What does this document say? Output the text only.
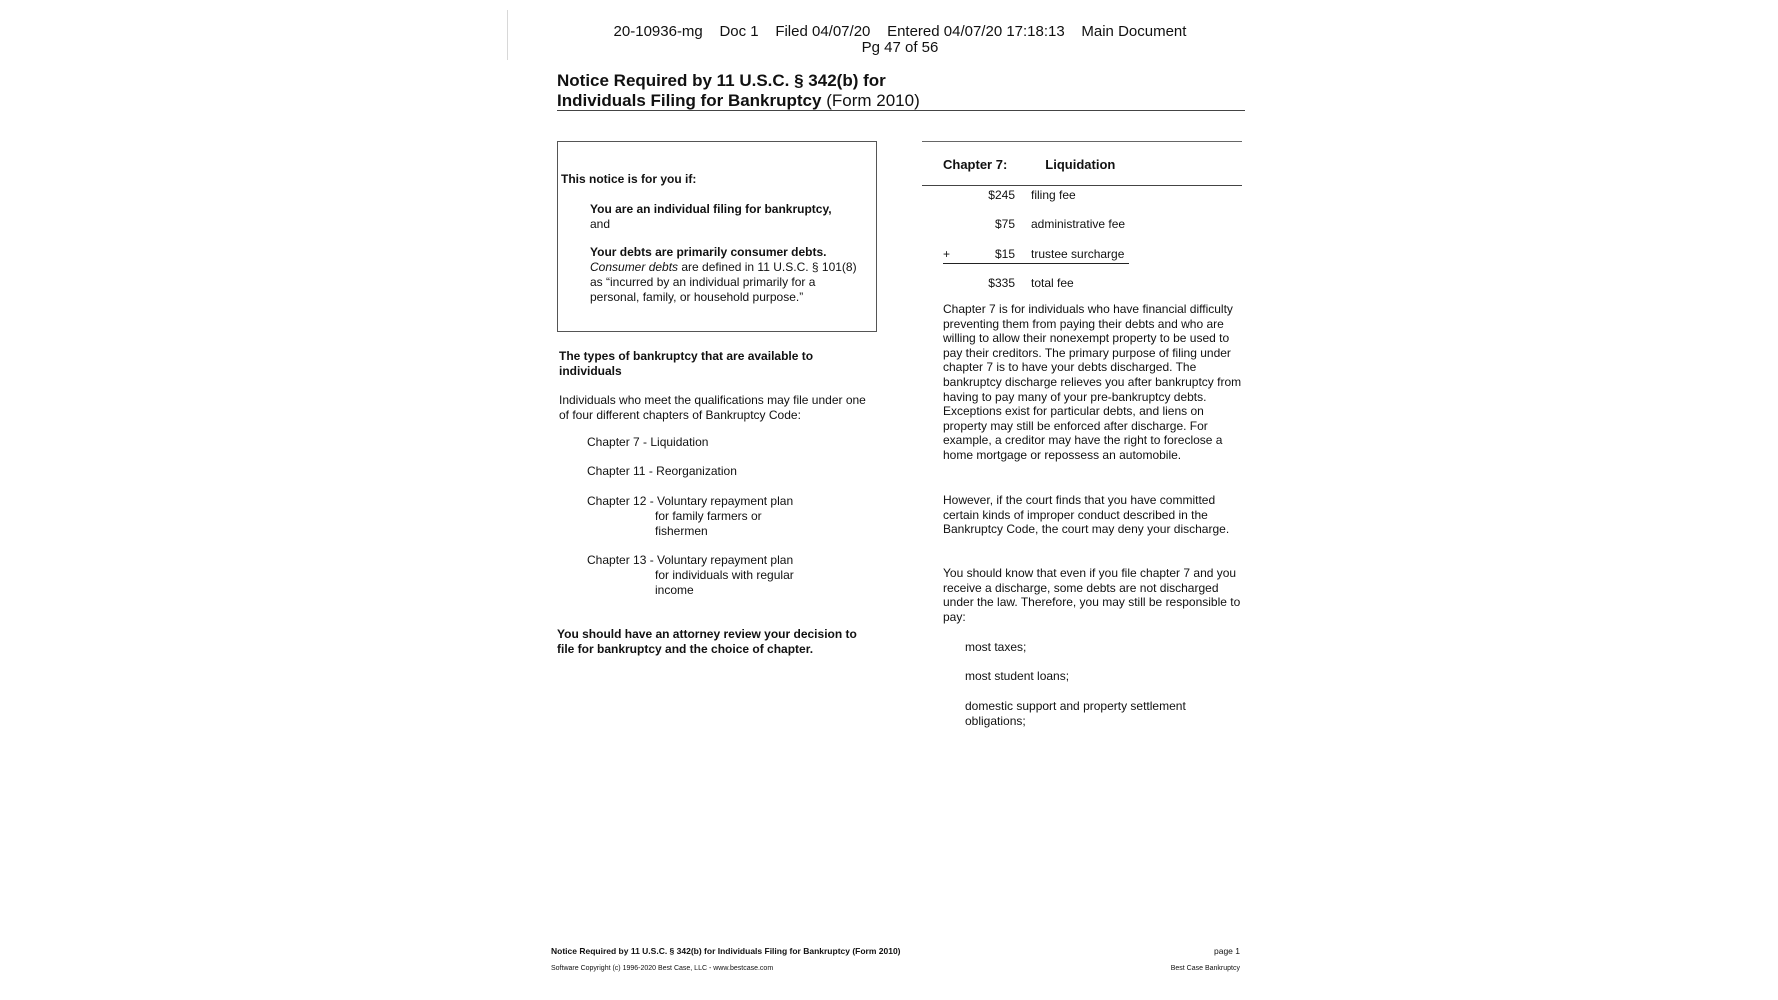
20-10936-mg Doc 1 Filed 04/07/20 Entered 04/07/20 17:18:13 Main Document
Pg 47 of 56
Notice Required by 11 U.S.C. § 342(b) for
Individuals Filing for Bankruptcy (Form 2010)
This notice is for you if:
You are an individual filing for bankruptcy,
and
Your debts are primarily consumer debts.
Consumer debts are defined in 11 U.S.C. § 101(8) as “incurred by an individual primarily for a personal, family, or household purpose.”
The types of bankruptcy that are available to individuals
Individuals who meet the qualifications may file under one of four different chapters of Bankruptcy Code:
Chapter 7 - Liquidation
Chapter 11 - Reorganization
Chapter 12 - Voluntary repayment plan
for family farmers or
fishermen
Chapter 13 - Voluntary repayment plan
for individuals with regular
income
You should have an attorney review your decision to file for bankruptcy and the choice of chapter.
Chapter 7:	Liquidation
$245 filing fee
$75 administrative fee
+	$15 trustee surcharge
$335 total fee
Chapter 7 is for individuals who have financial difficulty preventing them from paying their debts and who are willing to allow their nonexempt property to be used to pay their creditors. The primary purpose of filing under chapter 7 is to have your debts discharged. The bankruptcy discharge relieves you after bankruptcy from having to pay many of your pre-bankruptcy debts. Exceptions exist for particular debts, and liens on property may still be enforced after discharge. For example, a creditor may have the right to foreclose a home mortgage or repossess an automobile.
However, if the court finds that you have committed certain kinds of improper conduct described in the Bankruptcy Code, the court may deny your discharge.
You should know that even if you file chapter 7 and you receive a discharge, some debts are not discharged under the law. Therefore, you may still be responsible to pay:
most taxes;
most student loans;
domestic support and property settlement obligations;
Notice Required by 11 U.S.C. § 342(b) for Individuals Filing for Bankruptcy (Form 2010)	page 1
Software Copyright (c) 1996-2020 Best Case, LLC - www.bestcase.com	Best Case Bankruptcy
